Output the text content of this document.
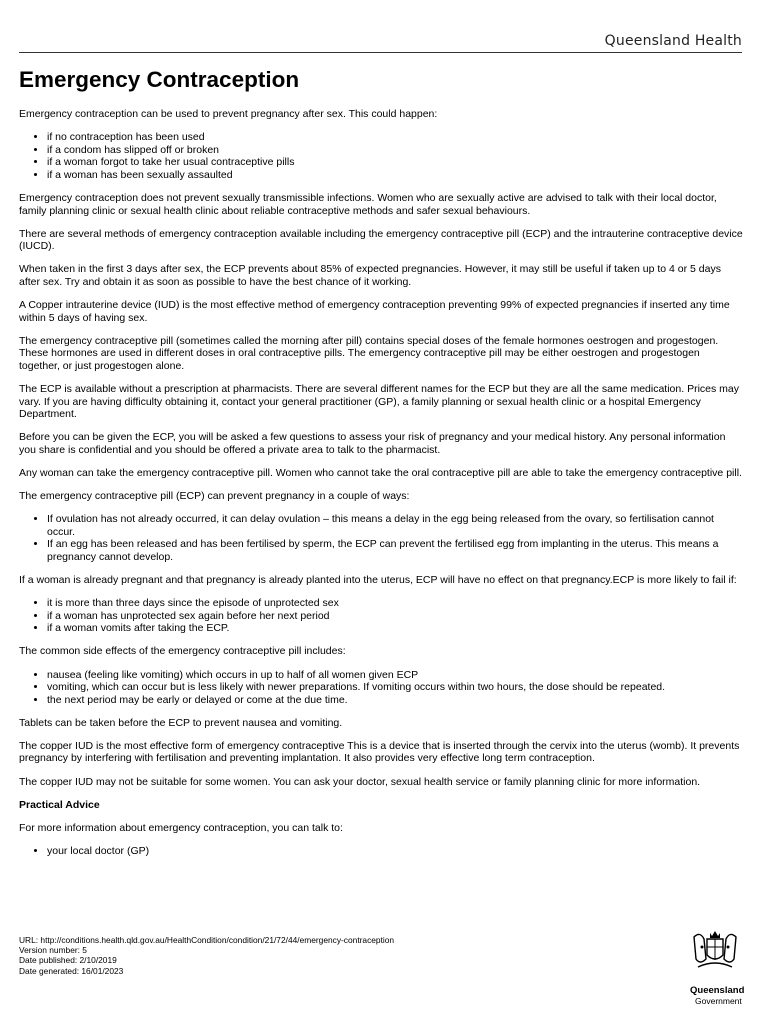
Queensland Health
Emergency Contraception

Emergency contraception can be used to prevent pregnancy after sex. This could happen:

• if no contraception has been used
• if a condom has slipped off or broken
• if a woman forgot to take her usual contraceptive pills
• if a woman has been sexually assaulted

Emergency contraception does not prevent sexually transmissible infections. Women who are sexually active are advised to talk with their local doctor, family planning clinic or sexual health clinic about reliable contraceptive methods and safer sexual behaviours.

There are several methods of emergency contraception available including the emergency contraceptive pill (ECP) and the intrauterine contraceptive device (IUCD).

When taken in the first 3 days after sex, the ECP prevents about 85% of expected pregnancies. However, it may still be useful if taken up to 4 or 5 days after sex. Try and obtain it as soon as possible to have the best chance of it working.

A Copper intrauterine device (IUD) is the most effective method of emergency contraception preventing 99% of expected pregnancies if inserted any time within 5 days of having sex.

The emergency contraceptive pill (sometimes called the morning after pill) contains special doses of the female hormones oestrogen and progestogen. These hormones are used in different doses in oral contraceptive pills. The emergency contraceptive pill may be either oestrogen and progestogen together, or just progestogen alone.

The ECP is available without a prescription at pharmacists. There are several different names for the ECP but they are all the same medication. Prices may vary. If you are having difficulty obtaining it, contact your general practitioner (GP), a family planning or sexual health clinic or a hospital Emergency Department.

Before you can be given the ECP, you will be asked a few questions to assess your risk of pregnancy and your medical history. Any personal information you share is confidential and you should be offered a private area to talk to the pharmacist.

Any woman can take the emergency contraceptive pill. Women who cannot take the oral contraceptive pill are able to take the emergency contraceptive pill.

The emergency contraceptive pill (ECP) can prevent pregnancy in a couple of ways:

• If ovulation has not already occurred, it can delay ovulation – this means a delay in the egg being released from the ovary, so fertilisation cannot occur.
• If an egg has been released and has been fertilised by sperm, the ECP can prevent the fertilised egg from implanting in the uterus. This means a pregnancy cannot develop.

If a woman is already pregnant and that pregnancy is already planted into the uterus, ECP will have no effect on that pregnancy.ECP is more likely to fail if:

• it is more than three days since the episode of unprotected sex
• if a woman has unprotected sex again before her next period
• if a woman vomits after taking the ECP.

The common side effects of the emergency contraceptive pill includes:

• nausea (feeling like vomiting) which occurs in up to half of all women given ECP
• vomiting, which can occur but is less likely with newer preparations. If vomiting occurs within two hours, the dose should be repeated.
• the next period may be early or delayed or come at the due time.

Tablets can be taken before the ECP to prevent nausea and vomiting.

The copper IUD is the most effective form of emergency contraceptive This is a device that is inserted through the cervix into the uterus (womb). It prevents pregnancy by interfering with fertilisation and preventing implantation. It also provides very effective long term contraception.

The copper IUD may not be suitable for some women. You can ask your doctor, sexual health service or family planning clinic for more information.

Practical Advice

For more information about emergency contraception, you can talk to:

• your local doctor (GP)
URL: http://conditions.health.qld.gov.au/HealthCondition/condition/21/72/44/emergency-contraception
Version number: 5
Date published: 2/10/2019
Date generated: 16/01/2023
Queensland
Government
